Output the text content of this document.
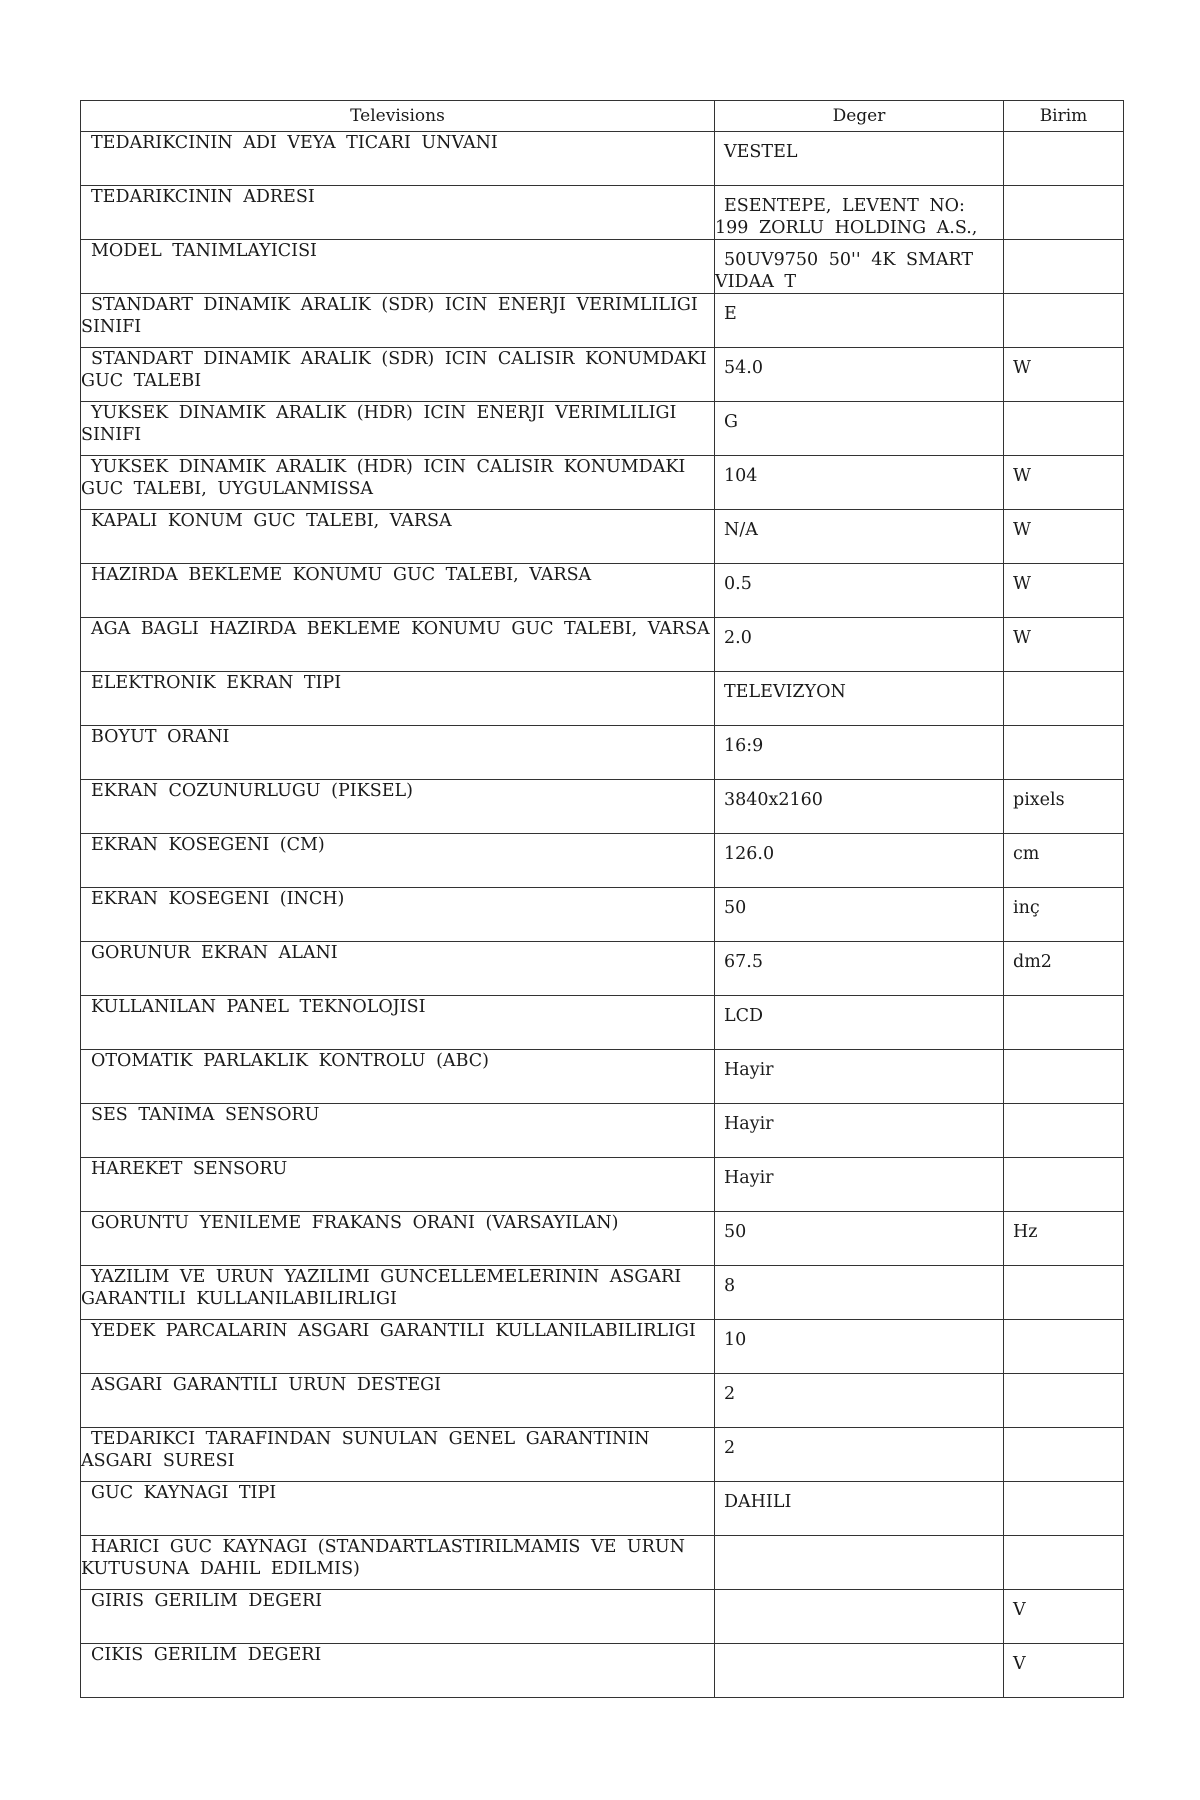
Televisions	Deger	Birim

TEDARIKCININ ADI VEYA TICARI UNVANI	VESTEL	

TEDARIKCININ ADRESI	ESENTEPE, LEVENT NO: 199 ZORLU HOLDING A.S.,	

MODEL TANIMLAYICISI	50UV9750 50'' 4K SMART VIDAA T	

STANDART DINAMIK ARALIK (SDR) ICIN ENERJI VERIMLILIGI SINIFI	E	

STANDART DINAMIK ARALIK (SDR) ICIN CALISIR KONUMDAKI GUC TALEBI	54.0	W

YUKSEK DINAMIK ARALIK (HDR) ICIN ENERJI VERIMLILIGI SINIFI	G	

YUKSEK DINAMIK ARALIK (HDR) ICIN CALISIR KONUMDAKI GUC TALEBI, UYGULANMISSA	104	W

KAPALI KONUM GUC TALEBI, VARSA	N/A	W

HAZIRDA BEKLEME KONUMU GUC TALEBI, VARSA	0.5	W

AGA BAGLI HAZIRDA BEKLEME KONUMU GUC TALEBI, VARSA	2.0	W

ELEKTRONIK EKRAN TIPI	TELEVIZYON	

BOYUT ORANI	16:9	

EKRAN COZUNURLUGU (PIKSEL)	3840x2160	pixels

EKRAN KOSEGENI (CM)	126.0	cm

EKRAN KOSEGENI (INCH)	50	inç

GORUNUR EKRAN ALANI	67.5	dm2

KULLANILAN PANEL TEKNOLOJISI	LCD	

OTOMATIK PARLAKLIK KONTROLU (ABC)	Hayir	

SES TANIMA SENSORU	Hayir	

HAREKET SENSORU	Hayir	

GORUNTU YENILEME FRAKANS ORANI (VARSAYILAN)	50	Hz

YAZILIM VE URUN YAZILIMI GUNCELLEMELERININ ASGARI GARANTILI KULLANILABILIRLIGI	8	

YEDEK PARCALARIN ASGARI GARANTILI KULLANILABILIRLIGI	10	

ASGARI GARANTILI URUN DESTEGI	2	

TEDARIKCI TARAFINDAN SUNULAN GENEL GARANTININ ASGARI SURESI	2	

GUC KAYNAGI TIPI	DAHILI	

HARICI GUC KAYNAGI (STANDARTLASTIRILMAMIS VE URUN KUTUSUNA DAHIL EDILMIS)		

GIRIS GERILIM DEGERI		V

CIKIS GERILIM DEGERI		V
